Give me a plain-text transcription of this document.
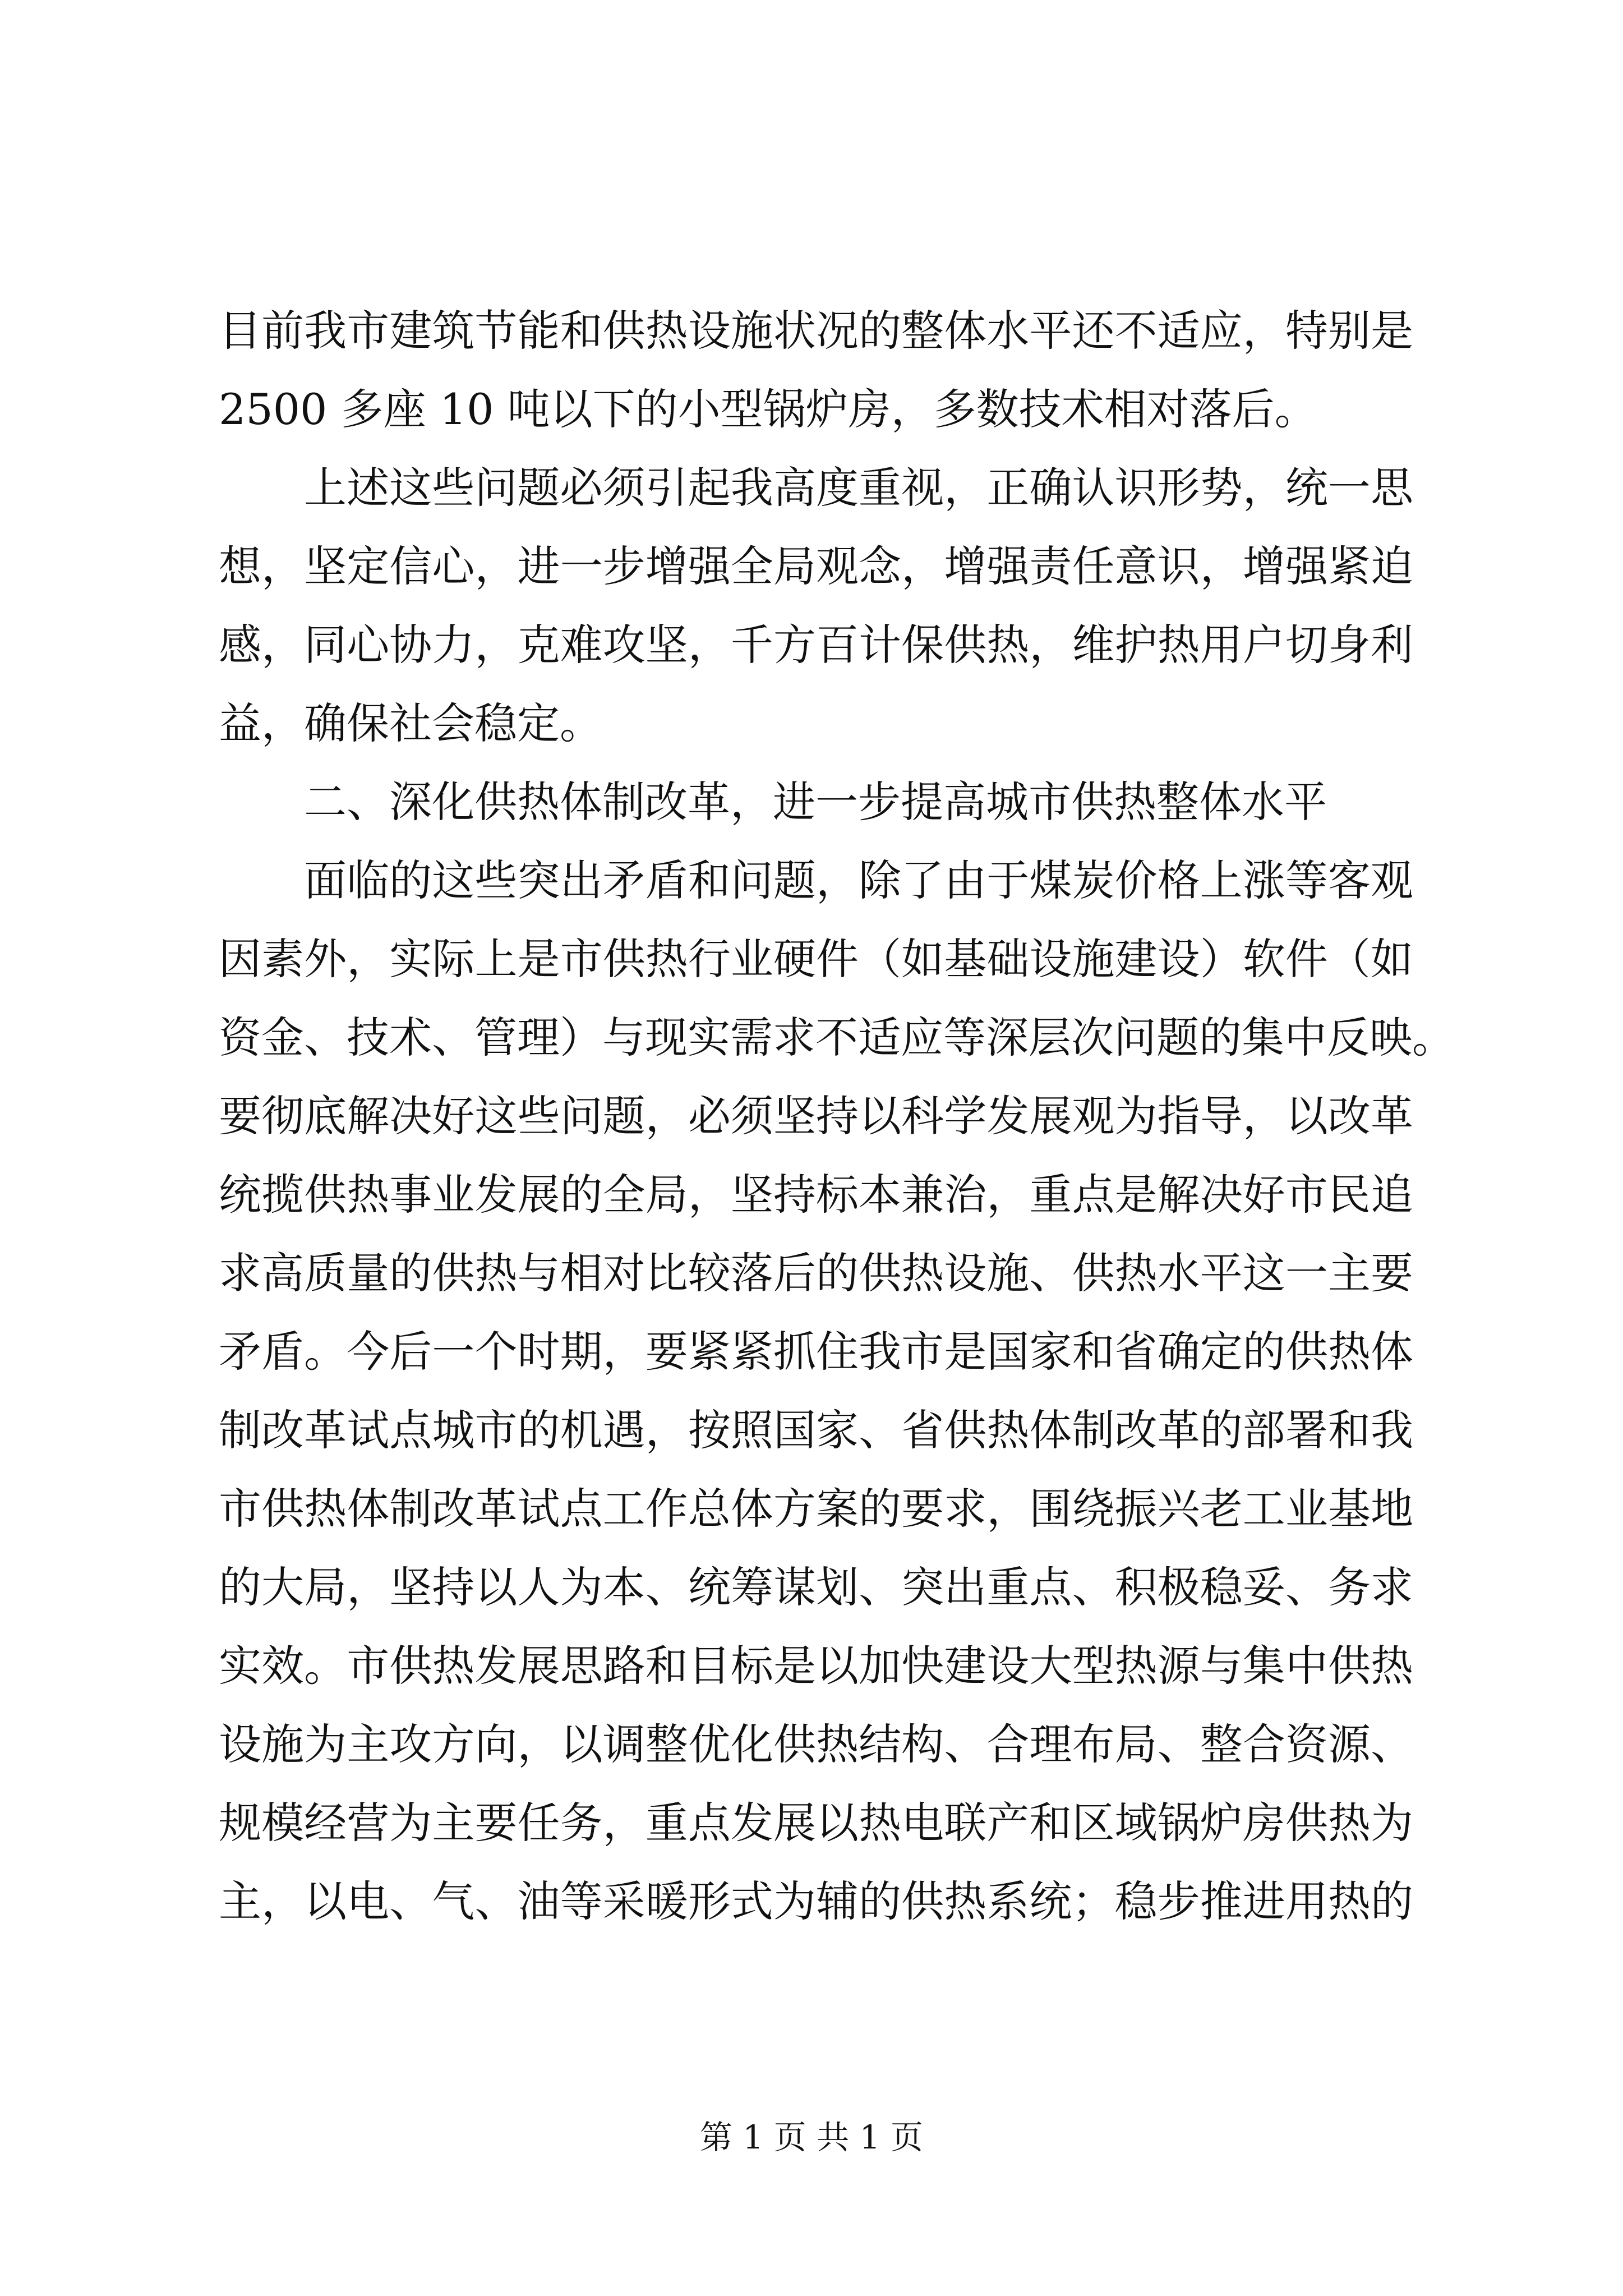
目前我市建筑节能和供热设施状况的整体水平还不适应，特别是
2500 多座 10 吨以下的小型锅炉房，多数技术相对落后。
上述这些问题必须引起我高度重视，正确认识形势，统一思
想，坚定信心，进一步增强全局观念，增强责任意识，增强紧迫
感，同心协力，克难攻坚，千方百计保供热，维护热用户切身利
益，确保社会稳定。
二、深化供热体制改革，进一步提高城市供热整体水平
面临的这些突出矛盾和问题，除了由于煤炭价格上涨等客观
因素外，实际上是市供热行业硬件（如基础设施建设）软件（如
资金、技术、管理）与现实需求不适应等深层次问题的集中反映。
要彻底解决好这些问题，必须坚持以科学发展观为指导，以改革
统揽供热事业发展的全局，坚持标本兼治，重点是解决好市民追
求高质量的供热与相对比较落后的供热设施、供热水平这一主要
矛盾。今后一个时期，要紧紧抓住我市是国家和省确定的供热体
制改革试点城市的机遇，按照国家、省供热体制改革的部署和我
市供热体制改革试点工作总体方案的要求，围绕振兴老工业基地
的大局，坚持以人为本、统筹谋划、突出重点、积极稳妥、务求
实效。市供热发展思路和目标是以加快建设大型热源与集中供热
设施为主攻方向，以调整优化供热结构、合理布局、整合资源、
规模经营为主要任务，重点发展以热电联产和区域锅炉房供热为
主，以电、气、油等采暖形式为辅的供热系统；稳步推进用热的
第 1 页 共 1 页
